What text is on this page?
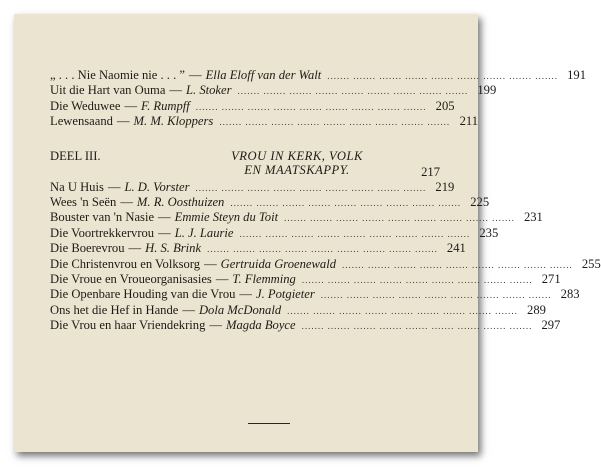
„ . . . Nie Naomie nie . . . ” — Ella Eloff van der Walt ....... ....... ....... ....... ....... ....... ....... ....... ....... 191
Uit die Hart van Ouma — L. Stoker ....... ....... ....... ....... ....... ....... ....... ....... ....... 199
Die Weduwee — F. Rumpff ....... ....... ....... ....... ....... ....... ....... ....... ....... 205
Lewensaand — M. M. Kloppers ....... ....... ....... ....... ....... ....... ....... ....... ....... 211
DEEL III.	VROU IN KERK, VOLK
EN MAATSKAPPY.	217
Na U Huis — L. D. Vorster ....... ....... ....... ....... ....... ....... ....... ....... ....... 219
Wees 'n Seën — M. R. Oosthuizen ....... ....... ....... ....... ....... ....... ....... ....... ....... 225
Bouster van 'n Nasie — Emmie Steyn du Toit ....... ....... ....... ....... ....... ....... ....... ....... ....... 231
Die Voortrekkervrou — L. J. Laurie ....... ....... ....... ....... ....... ....... ....... ....... ....... 235
Die Boerevrou — H. S. Brink ....... ....... ....... ....... ....... ....... ....... ....... ....... 241
Die Christenvrou en Volksorg — Gertruida Groenewald ....... ....... ....... ....... ....... ....... ....... ....... ....... 255
Die Vroue en Vroueorganisasies — T. Flemming ....... ....... ....... ....... ....... ....... ....... ....... ....... 271
Die Openbare Houding van die Vrou — J. Potgieter ....... ....... ....... ....... ....... ....... ....... ....... ....... 283
Ons het die Hef in Hande — Dola McDonald ....... ....... ....... ....... ....... ....... ....... ....... ....... 289
Die Vrou en haar Vriendekring — Magda Boyce ....... ....... ....... ....... ....... ....... ....... ....... ....... 297
